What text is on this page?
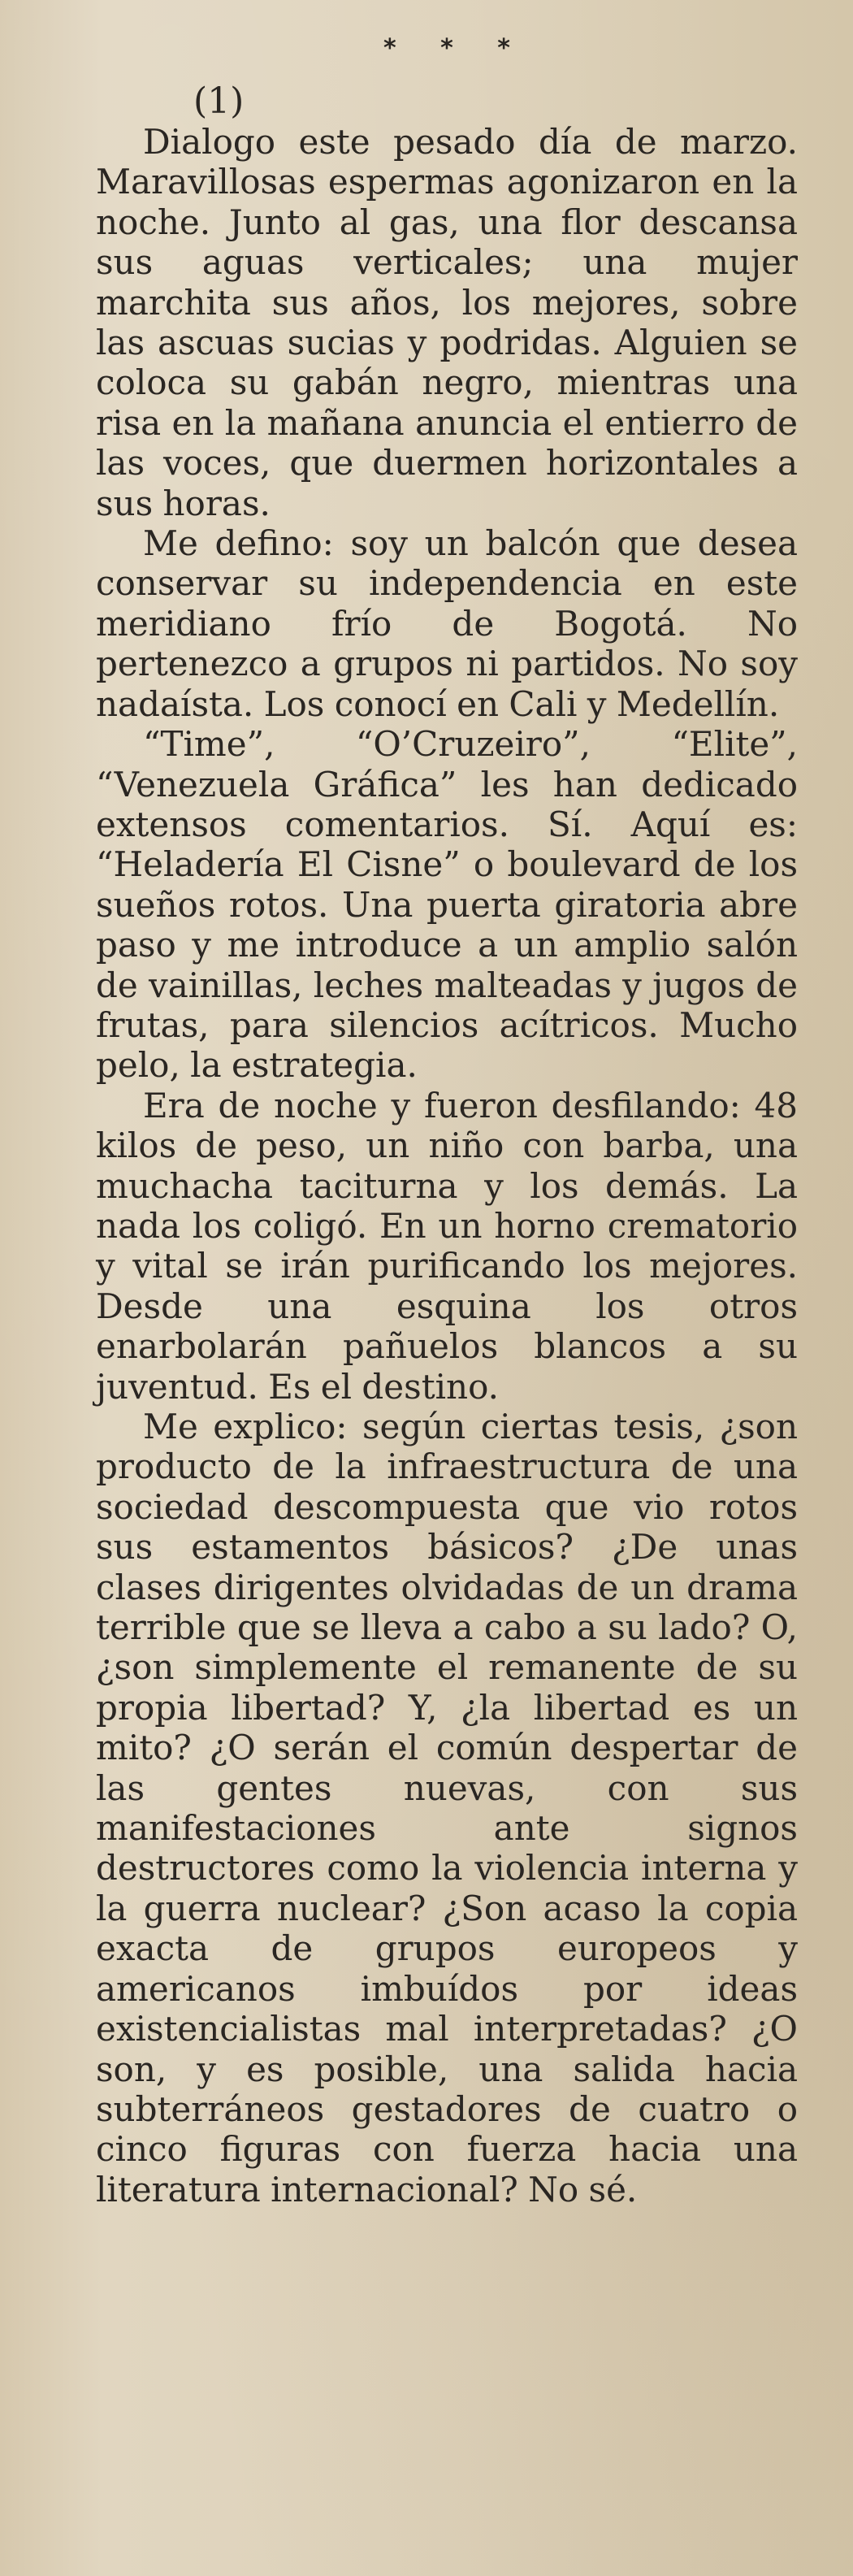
* * *
(1)

Dialogo este pesado día de marzo. Maravillosas espermas agonizaron en la noche. Junto al gas, una flor descansa sus aguas verticales; una mujer marchita sus años, los mejores, sobre las ascuas sucias y podridas. Alguien se coloca su gabán negro, mientras una risa en la mañana anuncia el entierro de las voces, que duermen horizontales a sus horas.

Me defino: soy un balcón que desea conservar su independencia en este meridiano frío de Bogotá. No pertenezco a grupos ni partidos. No soy nadaísta. Los conocí en Cali y Medellín.

“Time”, “O’Cruzeiro”, “Elite”, “Venezuela Gráfica” les han dedicado extensos comentarios. Sí. Aquí es: “Heladería El Cisne” o boulevard de los sueños rotos. Una puerta giratoria abre paso y me introduce a un amplio salón de vainillas, leches malteadas y jugos de frutas, para silencios acítricos. Mucho pelo, la estrategia.

Era de noche y fueron desfilando: 48 kilos de peso, un niño con barba, una muchacha taciturna y los demás. La nada los coligó. En un horno crematorio y vital se irán purificando los mejores. Desde una esquina los otros enarbolarán pañuelos blancos a su juventud. Es el destino.

Me explico: según ciertas tesis, ¿son producto de la infraestructura de una sociedad descompuesta que vio rotos sus estamentos básicos? ¿De unas clases dirigentes olvidadas de un drama terrible que se lleva a cabo a su lado? O, ¿son simplemente el remanente de su propia libertad? Y, ¿la libertad es un mito? ¿O serán el común despertar de las gentes nuevas, con sus manifestaciones ante signos destructores como la violencia interna y la guerra nuclear? ¿Son acaso la copia exacta de grupos europeos y americanos imbuídos por ideas existencialistas mal interpretadas? ¿O son, y es posible, una salida hacia subterráneos gestadores de cuatro o cinco figuras con fuerza hacia una literatura internacional? No sé.
